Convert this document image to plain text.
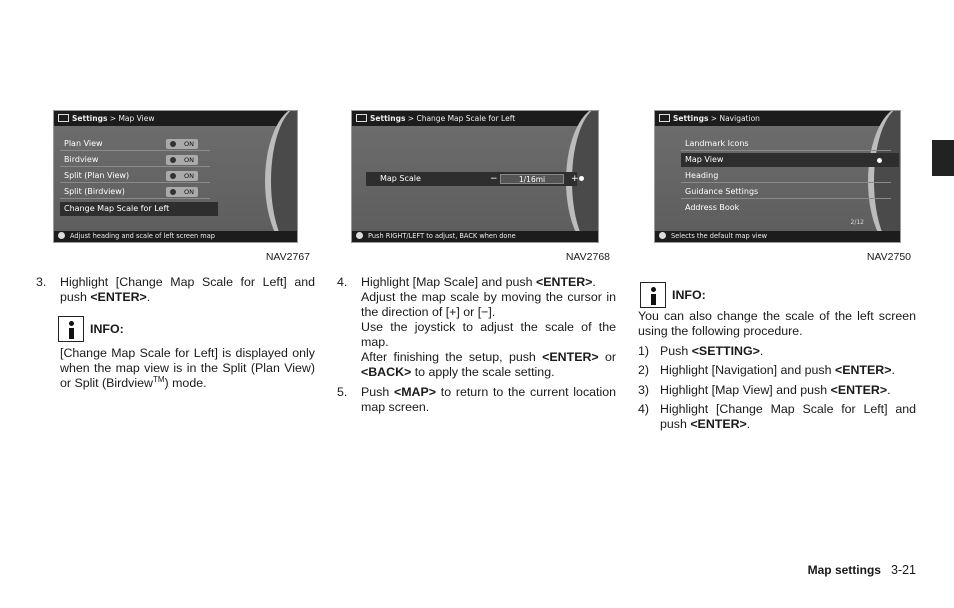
Settings > Map View
Plan View	ON
Birdview	ON
Split (Plan View)	ON
Split (Birdview)	ON
Change Map Scale for Left
Adjust heading and scale of left screen map
NAV2767
Settings > Change Map Scale for Left
Map Scale	−	1/16mi	+
Push RIGHT/LEFT to adjust, BACK when done
NAV2768
Settings > Navigation
Landmark Icons
Map View
Heading
Guidance Settings
Address Book
2/12
Selects the default map view
NAV2750
3.	Highlight [Change Map Scale for Left] and push <ENTER>.
INFO:
[Change Map Scale for Left] is displayed only when the map view is in the Split (Plan View) or Split (Birdview™) mode.
4.	Highlight [Map Scale] and push <ENTER>.
Adjust the map scale by moving the cursor in the direction of [+] or [−].
Use the joystick to adjust the scale of the map.
After finishing the setup, push <ENTER> or <BACK> to apply the scale setting.
5.	Push <MAP> to return to the current location map screen.
INFO:
You can also change the scale of the left screen using the following procedure.
1) Push <SETTING>.
2) Highlight [Navigation] and push <ENTER>.
3) Highlight [Map View] and push <ENTER>.
4) Highlight [Change Map Scale for Left] and push <ENTER>.
Map settings 3-21
